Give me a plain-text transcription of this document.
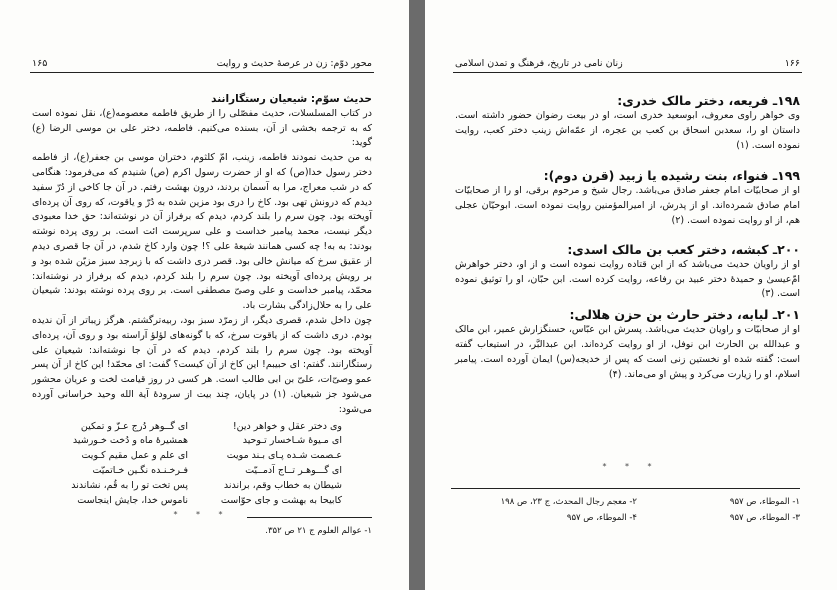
محور دوّم: زن در عرصهٔ حدیث و روایت
۱۶۵

حدیث سوّم: شیعیان رستگارانند

در کتاب المسلسلات، حدیث مفصّلی را از طریق فاطمه معصومه(ع)، نقل نموده است که به ترجمه بخشی از آن، بسنده می‌کنیم. فاطمه، دختر علی بن موسی الرضا (ع) گوید:

به من حدیث نمودند فاطمه، زینب، امّ کلثوم، دختران موسی بن جعفر(ع)، از فاطمه دختر رسول خدا(ص) که او از حضرت رسول اکرم (ص) شنیدم که می‌فرمود: هنگامی که در شب معراج، مرا به آسمان بردند، درون بهشت رفتم. در آن جا کاخی از دُرّ سفید دیدم که درونش تهی بود. کاخ را دری بود مزین شده به دُرّ و یاقوت، که روی آن پرده‌ای آویخته بود. چون سرم را بلند کردم، دیدم که برفراز آن در نوشته‌اند: حق خدا معبودی دیگر نیست، محمد پیامبر خداست و علی سرپرست ائت است. بر روی پرده نوشته بودند: به‌ به! چه‌ کسی همانند شیعهٔ علی ؟! چون وارد کاخ شدم، در آن جا قصری دیدم از عقیق سرخ که میانش خالی بود. قصر دری داشت که با زبرجد سبز مزیّن شده بود و بر رویش پرده‌ای آویخته بود. چون سرم را بلند کردم، دیدم که برفراز در نوشته‌اند: محمّد، پیامبر خداست و علی وصیّ مصطفی است. بر روی پرده نوشته بودند: شیعیان علی را به حلال‌زادگی بشارت باد.

چون داخل شدم، قصری دیگر، از زمرّد سبز بود، ربیه‌ترگشتم. هرگز زیباتر از آن ندیده بودم. دری داشت که از یاقوت سرخ، که با گونه‌های لؤلؤ آراسته بود و روی آن، پرده‌ای آویخته بود. چون سرم را بلند کردم، دیدم که در آن جا نوشته‌اند: شیعیان علی رستگارانند. گفتم: ای حبیبم! این کاخ از آن کیست؟ گفت: ای محمّد! این کاخ از آن پسر عمو وصیّ‌ات، علیّ بن ابی طالب است. هر کسی در روز قیامت لخت و عریان محشور می‌شود جز شیعیان. (۱) در پایان، چند بیت از سرودهٔ آیة الله وحید خراسانی آورده می‌شود:

وی دختر عقل و خواهر دین!
ای گــوهر دُرج عـزّ و تمکین
ای مـیوهٔ شـاخسار تـوحید
همشیرهٔ ماه و دُخت خـورشید
عـصمت شـده پـای بـند مویت
ای علم و عمل مقیم کـویت
ای گـــوهـر تــاج آدمــیّت
فـرخـنـده نگـین خـاتمیّت
شیطان به خطاب وقم، براندند
پس تخت تو را به قُم، نشاندند
کابیحا به بهشت و جای حوّاست
ناموس خدا، جایش اینجاست
* * *
۱- عوالم العلوم ج ۲۱ ص ۳۵۲.
۱۶۶
زنان نامی در تاریخ، فرهنگ و تمدن اسلامی

۱۹۸ـ فریعه، دختر مالک خدری:

وی خواهر راوی معروف، ابوسعید خدری است، او در بیعت رضوان حضور داشته است. داستان او را، سعدبن اسحاق بن کعب بن عجره، از عمّه‌اش زینب دختر کعب، روایت نموده است. (۱)

۱۹۹ـ فنواء، بنت رشیده یا زبید (قرن دوم):

او از صحابیّات امام جعفر صادق می‌باشد. رجال شیخ و مرحوم برقی، او را از صحابیّات امام صادق شمرده‌اند. او از پدرش، از امیرالمؤمنین روایت نموده است. ابوحیّان عجلی هم، از او روایت نموده است. (۲)

۲۰۰ـ کبشه، دختر کعب بن مالک اسدی:

او از راویان حدیث می‌باشد که از ابن قتاده روایت نموده است و از او، دختر خواهرش امّ‌عیسیٰ و حمیدهٔ دختر عبید بن رفاعه، روایت کرده است. ابن حبّان، او را توثیق نموده است. (۳)

۲۰۱ـ لبابه، دختر حارث بن حزن هلالی:

او از صحابیّات و راویان حدیث می‌باشد. پسرش ابن عبّاس، حسنگزارش عمیر، ابن مالک و عبدالله بن الحارث ابن نوفل، از او روایت کرده‌اند. ابن عبدالبَّر، در استیعاب گفته است: گفته شده او نخستین زنی است که پس از خدیجه(س) ایمان آورده است. پیامبر اسلام، او را زیارت می‌کرد و پیش او می‌ماند. (۴)

* * *
۱- الموطاء، ص ۹۵۷
۲- معجم رجال المحدث، ج ۲۳، ص ۱۹۸
۳- الموطاء، ص ۹۵۷
۴- الموطاء، ص ۹۵۷
